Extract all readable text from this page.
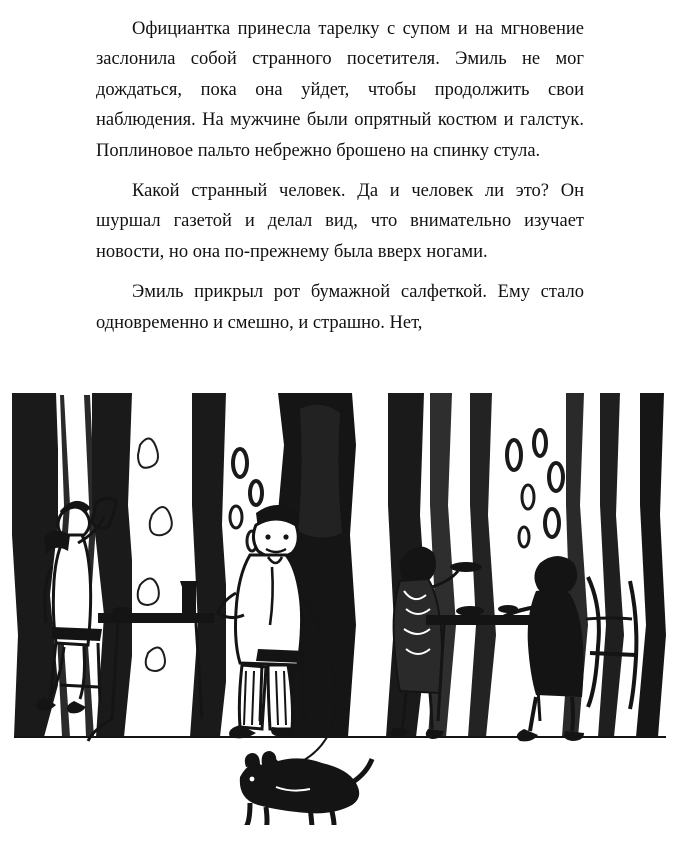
Официантка принесла тарелку с супом и на мгновение заслонила собой странного посетителя. Эмиль не мог дождаться, пока она уйдет, чтобы продолжить свои наблюдения. На мужчине были опрятный костюм и галстук. Поплиновое пальто небрежно брошено на спинку стула.

Какой странный человек. Да и человек ли это? Он шуршал газетой и делал вид, что внимательно изучает новости, но она по-прежнему была вверх ногами.

Эмиль прикрыл рот бумажной салфеткой. Ему стало одновременно и смешно, и страшно. Нет,
